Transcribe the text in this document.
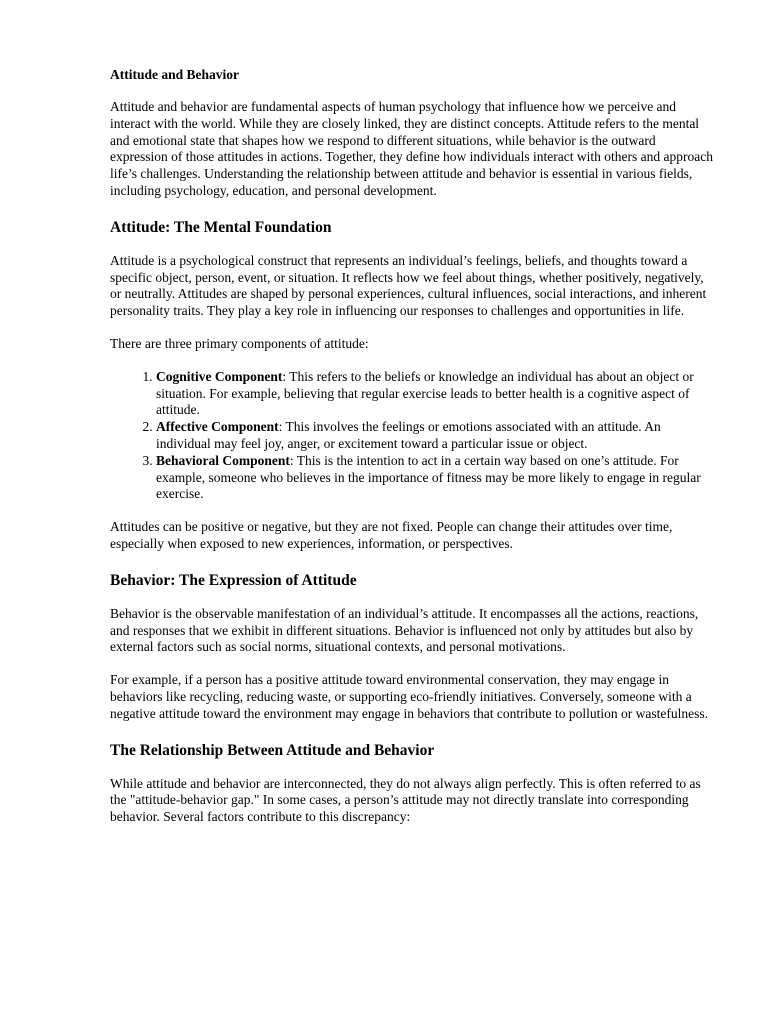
Attitude and Behavior

Attitude and behavior are fundamental aspects of human psychology that influence how we perceive and interact with the world. While they are closely linked, they are distinct concepts. Attitude refers to the mental and emotional state that shapes how we respond to different situations, while behavior is the outward expression of those attitudes in actions. Together, they define how individuals interact with others and approach life’s challenges. Understanding the relationship between attitude and behavior is essential in various fields, including psychology, education, and personal development.

Attitude: The Mental Foundation

Attitude is a psychological construct that represents an individual’s feelings, beliefs, and thoughts toward a specific object, person, event, or situation. It reflects how we feel about things, whether positively, negatively, or neutrally. Attitudes are shaped by personal experiences, cultural influences, social interactions, and inherent personality traits. They play a key role in influencing our responses to challenges and opportunities in life.

There are three primary components of attitude:

1. Cognitive Component: This refers to the beliefs or knowledge an individual has about an object or situation. For example, believing that regular exercise leads to better health is a cognitive aspect of attitude.
2. Affective Component: This involves the feelings or emotions associated with an attitude. An individual may feel joy, anger, or excitement toward a particular issue or object.
3. Behavioral Component: This is the intention to act in a certain way based on one’s attitude. For example, someone who believes in the importance of fitness may be more likely to engage in regular exercise.

Attitudes can be positive or negative, but they are not fixed. People can change their attitudes over time, especially when exposed to new experiences, information, or perspectives.

Behavior: The Expression of Attitude

Behavior is the observable manifestation of an individual’s attitude. It encompasses all the actions, reactions, and responses that we exhibit in different situations. Behavior is influenced not only by attitudes but also by external factors such as social norms, situational contexts, and personal motivations.

For example, if a person has a positive attitude toward environmental conservation, they may engage in behaviors like recycling, reducing waste, or supporting eco-friendly initiatives. Conversely, someone with a negative attitude toward the environment may engage in behaviors that contribute to pollution or wastefulness.

The Relationship Between Attitude and Behavior

While attitude and behavior are interconnected, they do not always align perfectly. This is often referred to as the "attitude-behavior gap." In some cases, a person’s attitude may not directly translate into corresponding behavior. Several factors contribute to this discrepancy:
